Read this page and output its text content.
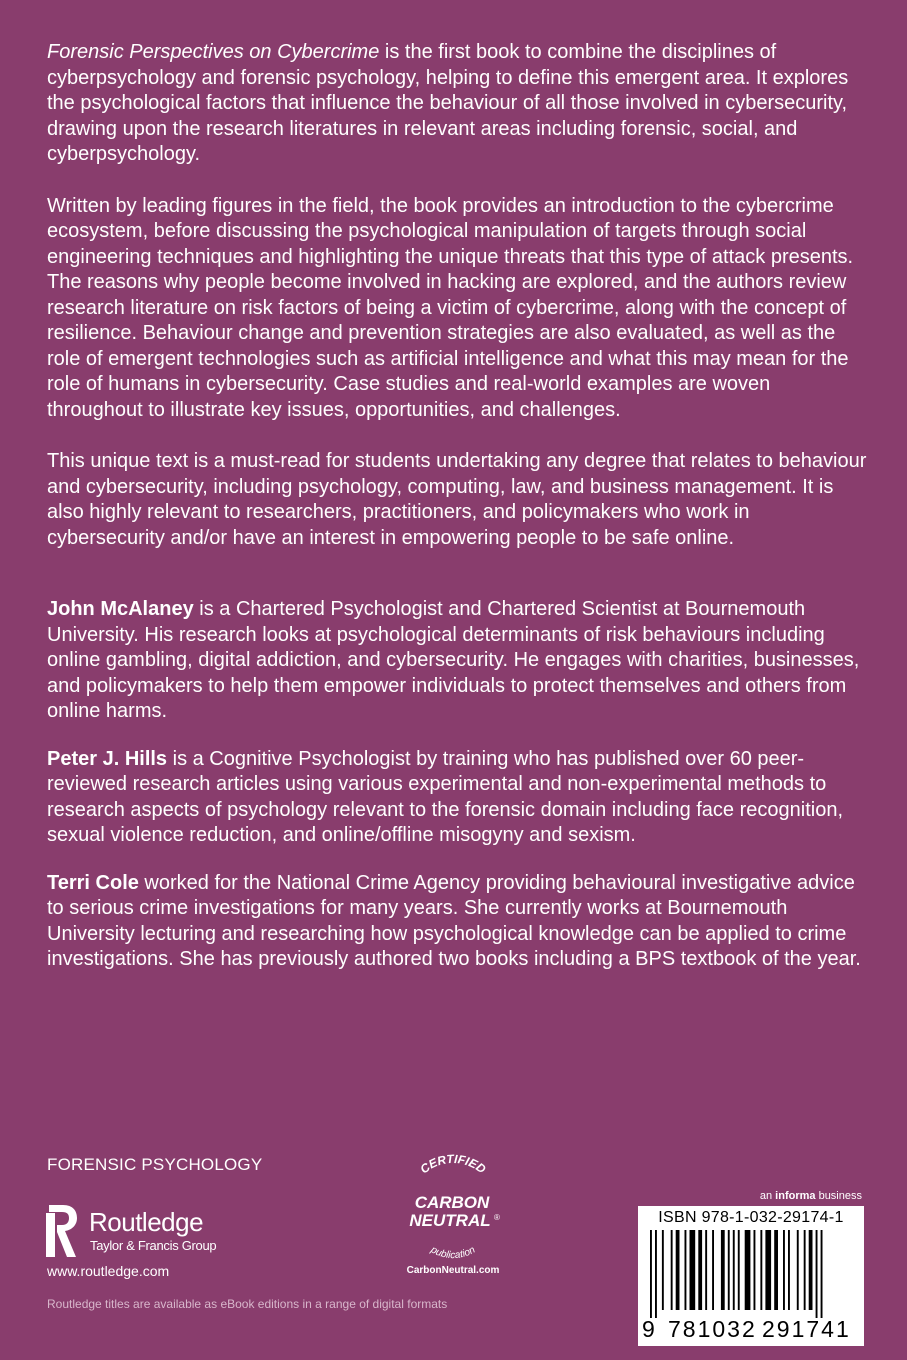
Forensic Perspectives on Cybercrime is the first book to combine the disciplines of cyberpsychology and forensic psychology, helping to define this emergent area. It explores the psychological factors that influence the behaviour of all those involved in cybersecurity, drawing upon the research literatures in relevant areas including forensic, social, and cyberpsychology.

Written by leading figures in the field, the book provides an introduction to the cybercrime ecosystem, before discussing the psychological manipulation of targets through social engineering techniques and highlighting the unique threats that this type of attack presents. The reasons why people become involved in hacking are explored, and the authors review research literature on risk factors of being a victim of cybercrime, along with the concept of resilience. Behaviour change and prevention strategies are also evaluated, as well as the role of emergent technologies such as artificial intelligence and what this may mean for the role of humans in cybersecurity. Case studies and real-world examples are woven throughout to illustrate key issues, opportunities, and challenges.

This unique text is a must-read for students undertaking any degree that relates to behaviour and cybersecurity, including psychology, computing, law, and business management. It is also highly relevant to researchers, practitioners, and policymakers who work in cybersecurity and/or have an interest in empowering people to be safe online.

John McAlaney is a Chartered Psychologist and Chartered Scientist at Bournemouth University. His research looks at psychological determinants of risk behaviours including online gambling, digital addiction, and cybersecurity. He engages with charities, businesses, and policymakers to help them empower individuals to protect themselves and others from online harms.

Peter J. Hills is a Cognitive Psychologist by training who has published over 60 peer-reviewed research articles using various experimental and non-experimental methods to research aspects of psychology relevant to the forensic domain including face recognition, sexual violence reduction, and online/offline misogyny and sexism.

Terri Cole worked for the National Crime Agency providing behavioural investigative advice to serious crime investigations for many years. She currently works at Bournemouth University lecturing and researching how psychological knowledge can be applied to crime investigations. She has previously authored two books including a BPS textbook of the year.

FORENSIC PSYCHOLOGY
Routledge
Taylor & Francis Group
www.routledge.com
Routledge titles are available as eBook editions in a range of digital formats
CERTIFIED
CARBON
NEUTRAL ®
publication
CarbonNeutral.com
an informa business
ISBN 978-1-032-29174-1
9 781032 291741
